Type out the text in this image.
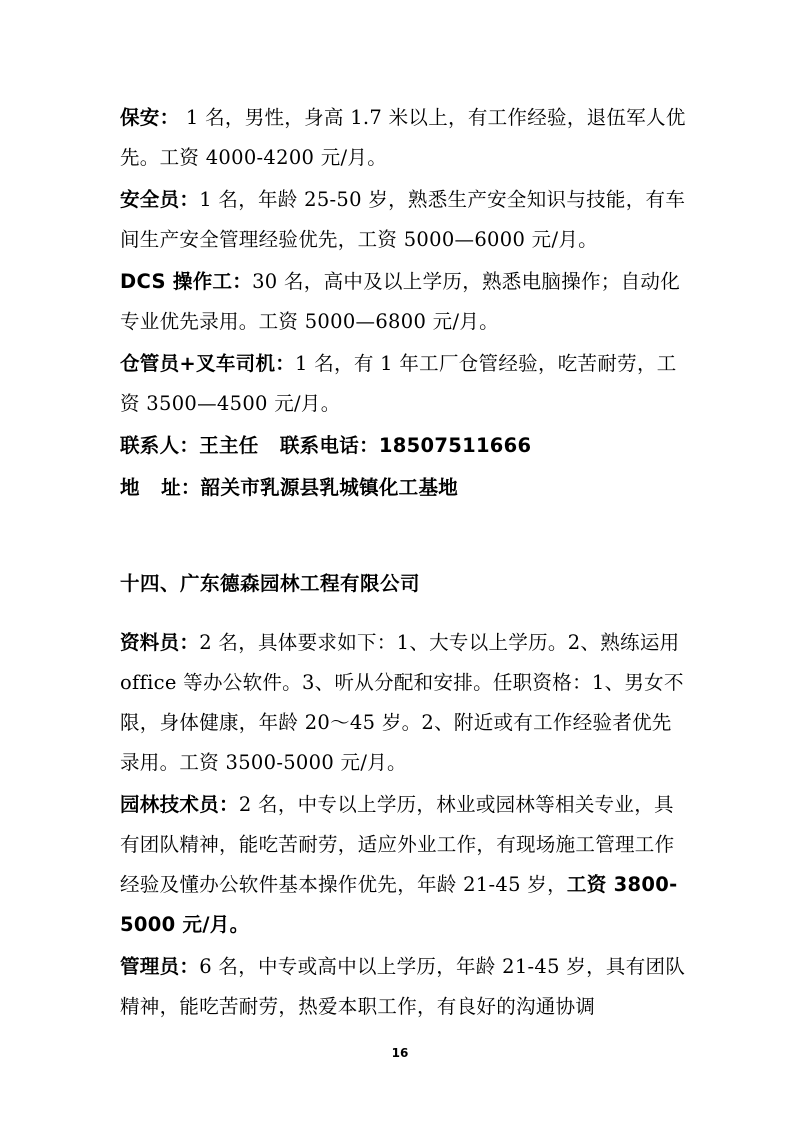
保安： 1 名，男性，身高 1.7 米以上，有工作经验，退伍军人优先。工资 4000-4200 元/月。

安全员：1 名，年龄 25-50 岁，熟悉生产安全知识与技能，有车间生产安全管理经验优先，工资 5000—6000 元/月。

DCS 操作工：30 名，高中及以上学历，熟悉电脑操作；自动化专业优先录用。工资 5000—6800 元/月。

仓管员+叉车司机：1 名，有 1 年工厂仓管经验，吃苦耐劳，工资 3500—4500 元/月。

联系人：王主任   联系电话：18507511666

地   址：韶关市乳源县乳城镇化工基地

十四、广东德森园林工程有限公司

资料员：2 名，具体要求如下：1、大专以上学历。2、熟练运用 office 等办公软件。3、听从分配和安排。任职资格：1、男女不限，身体健康，年龄 20～45 岁。2、附近或有工作经验者优先录用。工资 3500-5000 元/月。

园林技术员：2 名，中专以上学历，林业或园林等相关专业，具有团队精神，能吃苦耐劳，适应外业工作，有现场施工管理工作经验及懂办公软件基本操作优先，年龄 21-45 岁，工资 3800-5000 元/月。

管理员：6 名，中专或高中以上学历，年龄 21-45 岁，具有团队精神，能吃苦耐劳，热爱本职工作，有良好的沟通协调

16
